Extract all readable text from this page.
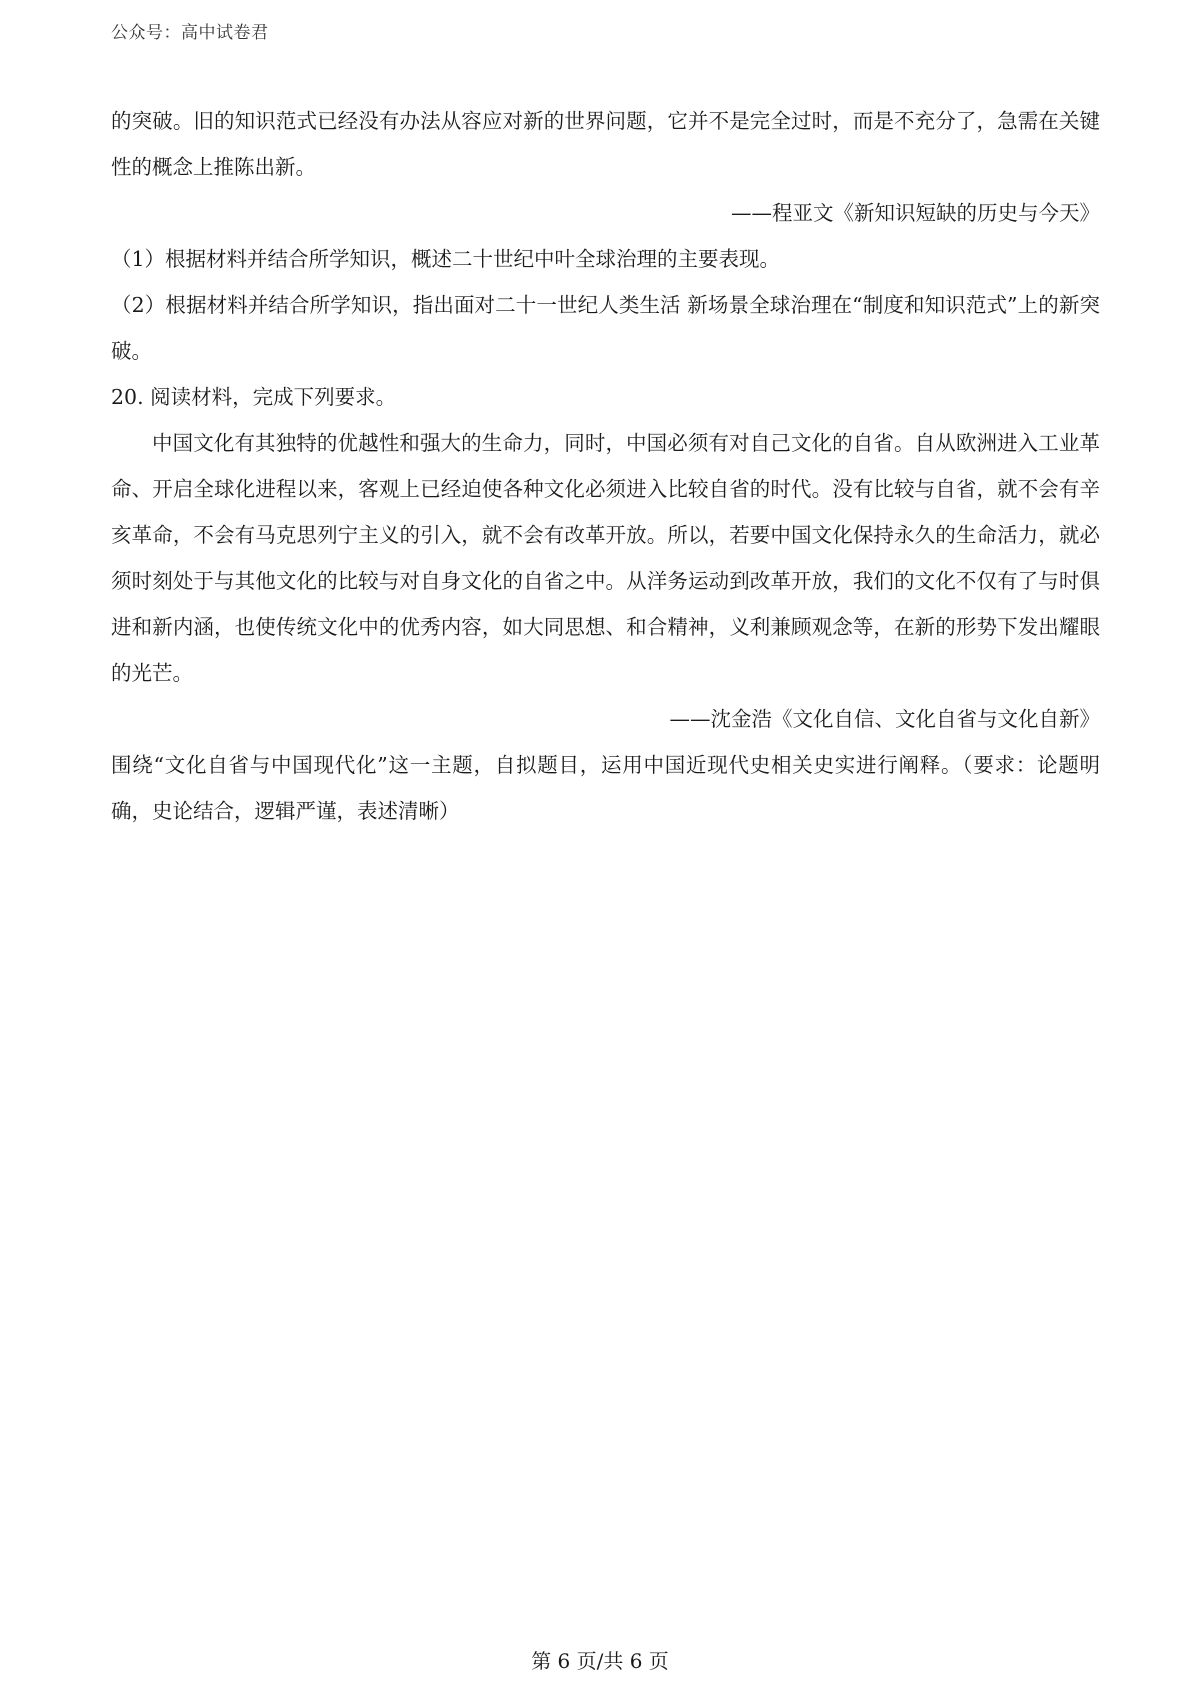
公众号：高中试卷君

的突破。旧的知识范式已经没有办法从容应对新的世界问题，它并不是完全过时，而是不充分了，急需在关键性的概念上推陈出新。

——程亚文《新知识短缺的历史与今天》

（1）根据材料并结合所学知识，概述二十世纪中叶全球治理的主要表现。

（2）根据材料并结合所学知识，指出面对二十一世纪人类生活 新场景全球治理在“制度和知识范式”上的新突破。

20. 阅读材料，完成下列要求。

中国文化有其独特的优越性和强大的生命力，同时，中国必须有对自己文化的自省。自从欧洲进入工业革命、开启全球化进程以来，客观上已经迫使各种文化必须进入比较自省的时代。没有比较与自省，就不会有辛亥革命，不会有马克思列宁主义的引入，就不会有改革开放。所以，若要中国文化保持永久的生命活力，就必须时刻处于与其他文化的比较与对自身文化的自省之中。从洋务运动到改革开放，我们的文化不仅有了与时俱进和新内涵，也使传统文化中的优秀内容，如大同思想、和合精神，义利兼顾观念等，在新的形势下发出耀眼的光芒。

——沈金浩《文化自信、文化自省与文化自新》

围绕“文化自省与中国现代化”这一主题，自拟题目，运用中国近现代史相关史实进行阐释。（要求：论题明确，史论结合，逻辑严谨，表述清晰）

第 6 页/共 6 页
